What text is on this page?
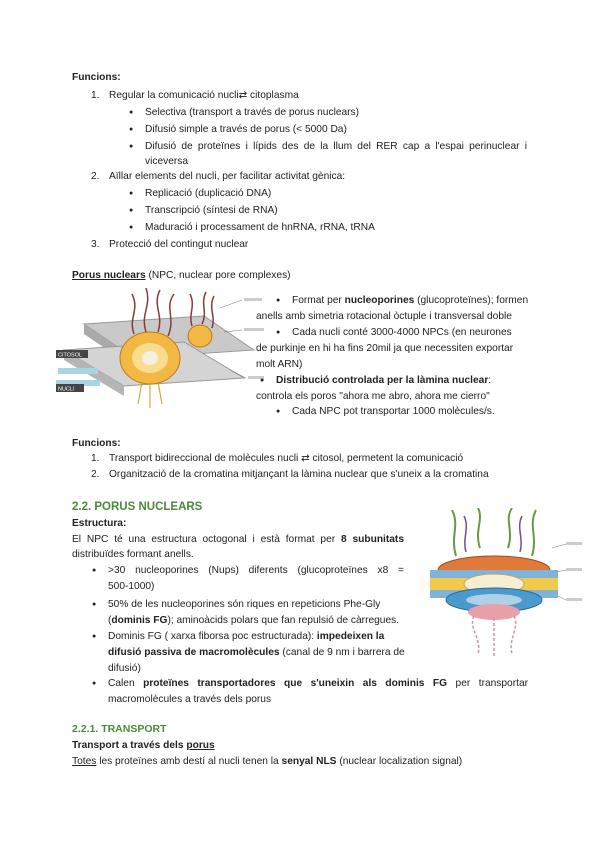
Funcions:
1. Regular la comunicació nucli⇄ citoplasma
● Selectiva (transport a través de porus nuclears)
● Difusió simple a través de porus (< 5000 Da)
● Difusió de proteïnes i lípids des de la llum del RER cap a l'espai perinuclear i
viceversa
2. Aïllar elements del nucli, per facilitar activitat gènica:
● Replicació (duplicació DNA)
● Transcripció (síntesi de RNA)
● Maduració i processament de hnRNA, rRNA, tRNA
3. Protecció del contingut nuclear
Porus nuclears (NPC, nuclear pore complexes)
CITOSOL
NUCLI
● Format per nucleoporines (glucoproteïnes); formen
anells amb simetria rotacional òctuple i transversal doble
● Cada nucli conté 3000-4000 NPCs (en neurones
de purkinje en hi ha fins 20mil ja que necessiten exportar
molt ARN)
● Distribució controlada per la làmina nuclear:
controla els poros "ahora me abro, ahora me cierro"
● Cada NPC pot transportar 1000 molècules/s.
Funcions:
1. Transport bidireccional de molècules nucli ⇄ citosol, permetent la comunicació
2. Organització de la cromatina mitjançant la làmina nuclear que s'uneix a la cromatina
2.2. PORUS NUCLEARS
Estructura:
El NPC té una estructura octogonal i està format per 8 subunitats
distribuïdes formant anells.
● >30 nucleoporines (Nups) diferents (glucoproteïnes x8 =
500-1000)
● 50% de les nucleoporines són riques en repeticions Phe-Gly
(dominis FG); aminoàcids polars que fan repulsió de càrregues.
● Dominis FG ( xarxa fiborsa poc estructurada): impedeixen la
difusió passiva de macromolècules (canal de 9 nm i barrera de
difusió)
● Calen proteïnes transportadores que s'uneixin als dominis FG per transportar
macromolècules a través dels porus
2.2.1. TRANSPORT
Transport a través dels porus
Totes les proteïnes amb destí al nucli tenen la senyal NLS (nuclear localization signal)
